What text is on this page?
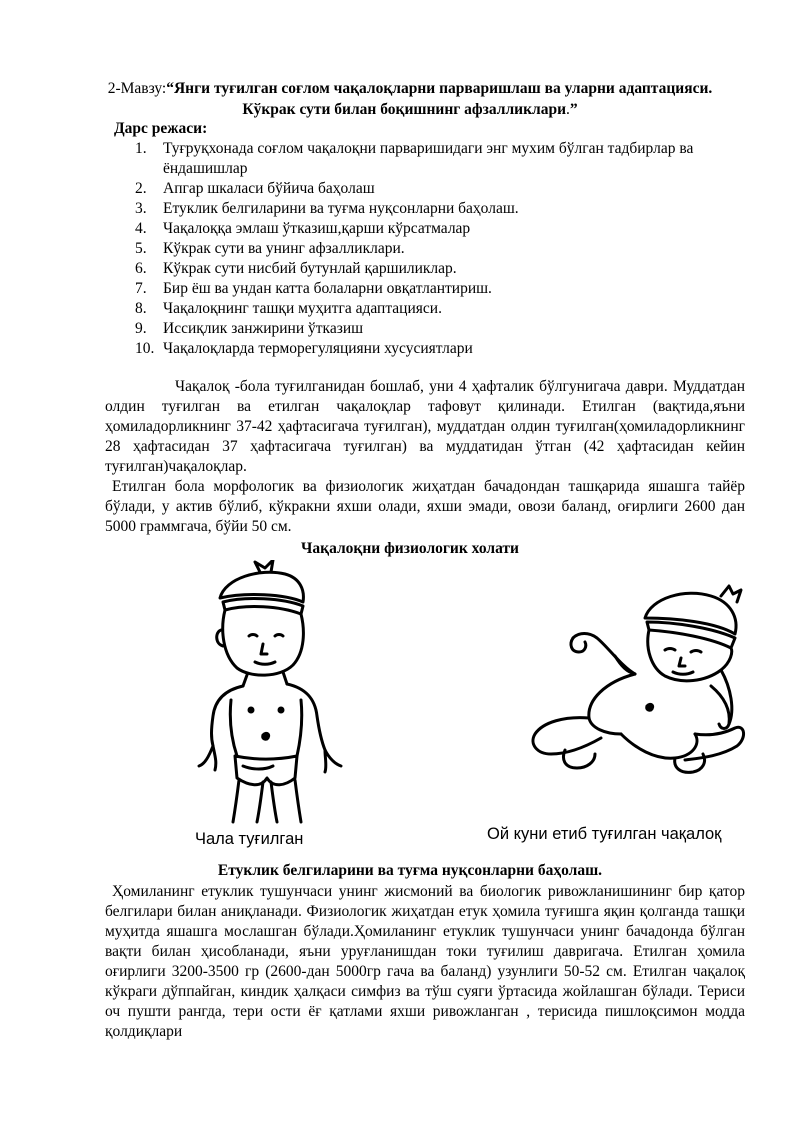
2-Мавзу:“Янги туғилган соғлом чақалоқларни парваришлаш ва уларни адаптацияси. Кўкрак сути билан боқишнинг афзалликлари.”
Дарс режаси:
1.	Туғруқхонада соғлом чақалоқни парваришидаги энг мухим бўлган тадбирлар ва ёндашишлар
2.	Апгар шкаласи бўйича баҳолаш
3.	Етуклик белгиларини ва туғма нуқсонларни баҳолаш.
4.	Чақалоққа эмлаш ўтказиш,қарши кўрсатмалар
5.	Кўкрак сути ва унинг афзалликлари.
6.	Кўкрак сути нисбий бутунлай қаршиликлар.
7.	Бир ёш ва ундан катта болаларни овқатлантириш.
8.	Чақалоқнинг ташқи муҳитга адаптацияси.
9.	Иссиқлик занжирини ўтказиш
10. Чақалоқларда терморегуляцияни хусусиятлари
Чақалоқ -бола туғилганидан бошлаб, уни 4 ҳафталик бўлгунигача даври. Муддатдан олдин туғилган ва етилган чақалоқлар тафовут қилинади. Етилган (вақтида,яъни ҳомиладорликнинг 37-42 ҳафтасигача туғилган), муддатдан олдин туғилган(ҳомиладорликнинг 28 ҳафтасидан 37 ҳафтасигача туғилган) ва муддатидан ўтган (42 ҳафтасидан кейин туғилган)чақалоқлар.
Етилган бола морфологик ва физиологик жиҳатдан бачадондан ташқарида яшашга тайёр бўлади, у актив бўлиб, кўкракни яхши олади, яхши эмади, овози баланд, оғирлиги 2600 дан 5000 граммгача, бўйи 50 см.
Чақалоқни физиологик холати
Чала туғилган	Ой куни етиб туғилган чақалоқ
Етуклик белгиларини ва туғма нуқсонларни баҳолаш.
Ҳомиланинг етуклик тушунчаси унинг жисмоний ва биологик ривожланишининг бир қатор белгилари билан аниқланади. Физиологик жиҳатдан етук ҳомила туғишга яқин қолганда ташқи муҳитда яшашга мослашган бўлади.Ҳомиланинг етуклик тушунчаси унинг бачадонда бўлган вақти билан ҳисобланади, яъни уруғланишдан токи туғилиш давригача. Етилган ҳомила оғирлиги 3200-3500 гр (2600-дан 5000гр гача ва баланд) узунлиги 50-52 см. Етилган чақалоқ кўкраги дўппайган, киндик ҳалқаси симфиз ва тўш суяги ўртасида жойлашган бўлади. Териси оч пушти рангда, тери ости ёғ қатлами яхши ривожланган , терисида пишлоқсимон модда қолдиқлари
